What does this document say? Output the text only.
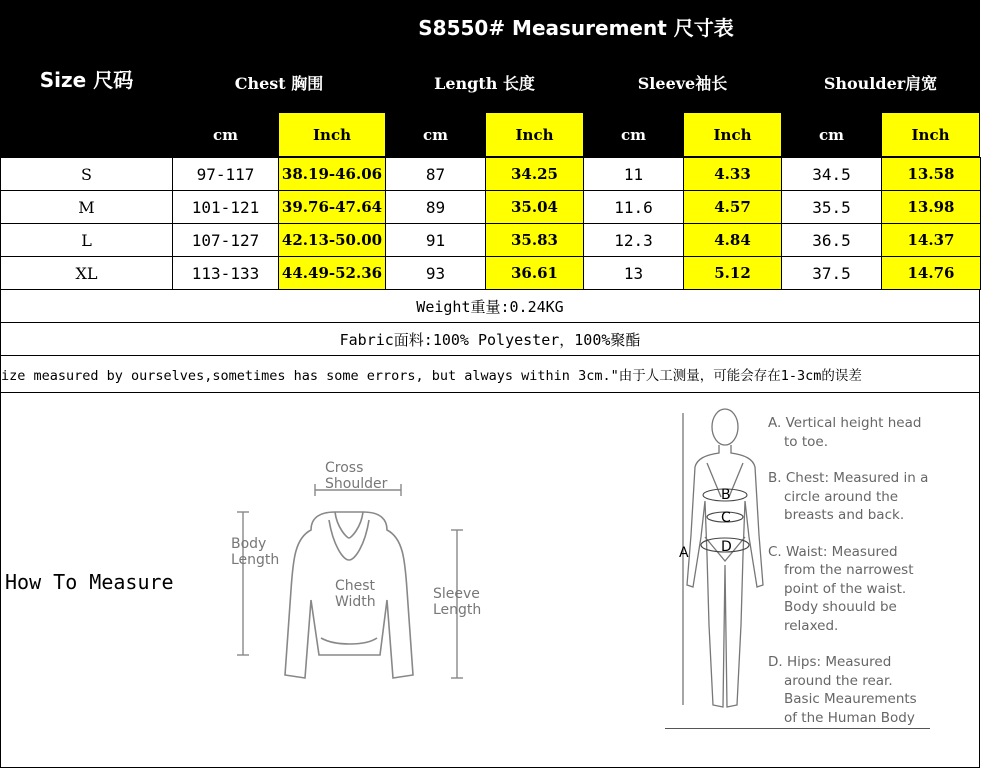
Size 尺码
S8550# Measurement 尺寸表
Chest 胸围	Length 长度	Sleeve袖长	Shoulder肩宽
cm	Inch	cm	Inch	cm	Inch	cm	Inch
S	97-117	38.19-46.06	87	34.25	11	4.33	34.5	13.58
M	101-121	39.76-47.64	89	35.04	11.6	4.57	35.5	13.98
L	107-127	42.13-50.00	91	35.83	12.3	4.84	36.5	14.37
XL	113-133	44.49-52.36	93	36.61	13	5.12	37.5	14.76
Weight重量:0.24KG
Fabric面料:100% Polyester，100%聚酯
ize measured by ourselves,sometimes has some errors, but always within 3cm."由于人工测量，可能会存在1-3cm的误差
How To Measure
Cross
Shoulder
Body
Length
Chest
Width	Sleeve
Length
A
B
C
D
A. Vertical height head
to toe.
B. Chest: Measured in a
circle around the
breasts and back.
C. Waist: Measured
from the narrowest
point of the waist.
Body shouuld be
relaxed.
D. Hips: Measured
around the rear.
Basic Meaurements
of the Human Body
